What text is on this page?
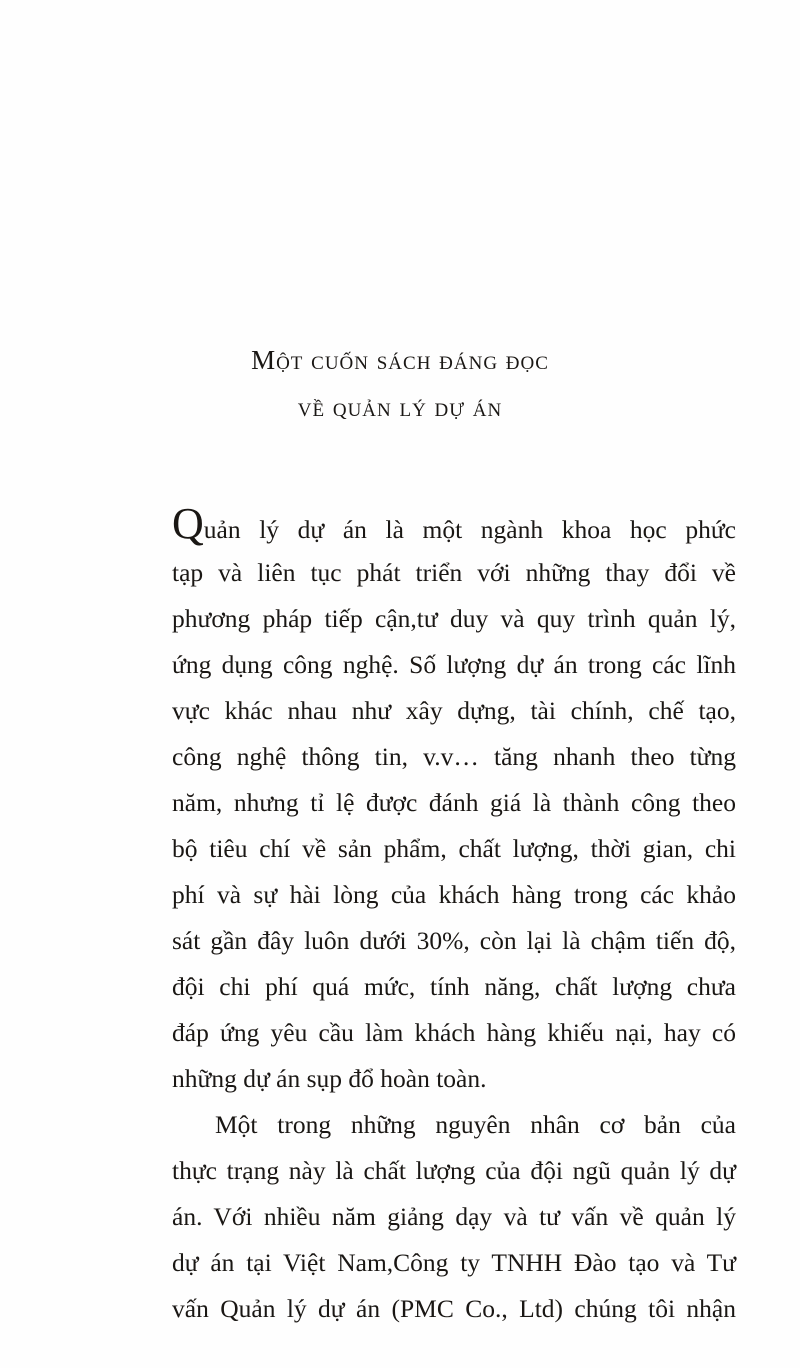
Một cuốn sách đáng đọc
về quản lý dự án
Quản lý dự án là một ngành khoa học phức
tạp và liên tục phát triển với những thay đổi về
phương pháp tiếp cận,tư duy và quy trình quản lý,
ứng dụng công nghệ. Số lượng dự án trong các lĩnh
vực khác nhau như xây dựng, tài chính, chế tạo,
công nghệ thông tin, v.v… tăng nhanh theo từng
năm, nhưng tỉ lệ được đánh giá là thành công theo
bộ tiêu chí về sản phẩm, chất lượng, thời gian, chi
phí và sự hài lòng của khách hàng trong các khảo
sát gần đây luôn dưới 30%, còn lại là chậm tiến độ,
đội chi phí quá mức, tính năng, chất lượng chưa
đáp ứng yêu cầu làm khách hàng khiếu nại, hay có
những dự án sụp đổ hoàn toàn.
Một trong những nguyên nhân cơ bản của
thực trạng này là chất lượng của đội ngũ quản lý dự
án. Với nhiều năm giảng dạy và tư vấn về quản lý
dự án tại Việt Nam,Công ty TNHH Đào tạo và Tư
vấn Quản lý dự án (PMC Co., Ltd) chúng tôi nhận
